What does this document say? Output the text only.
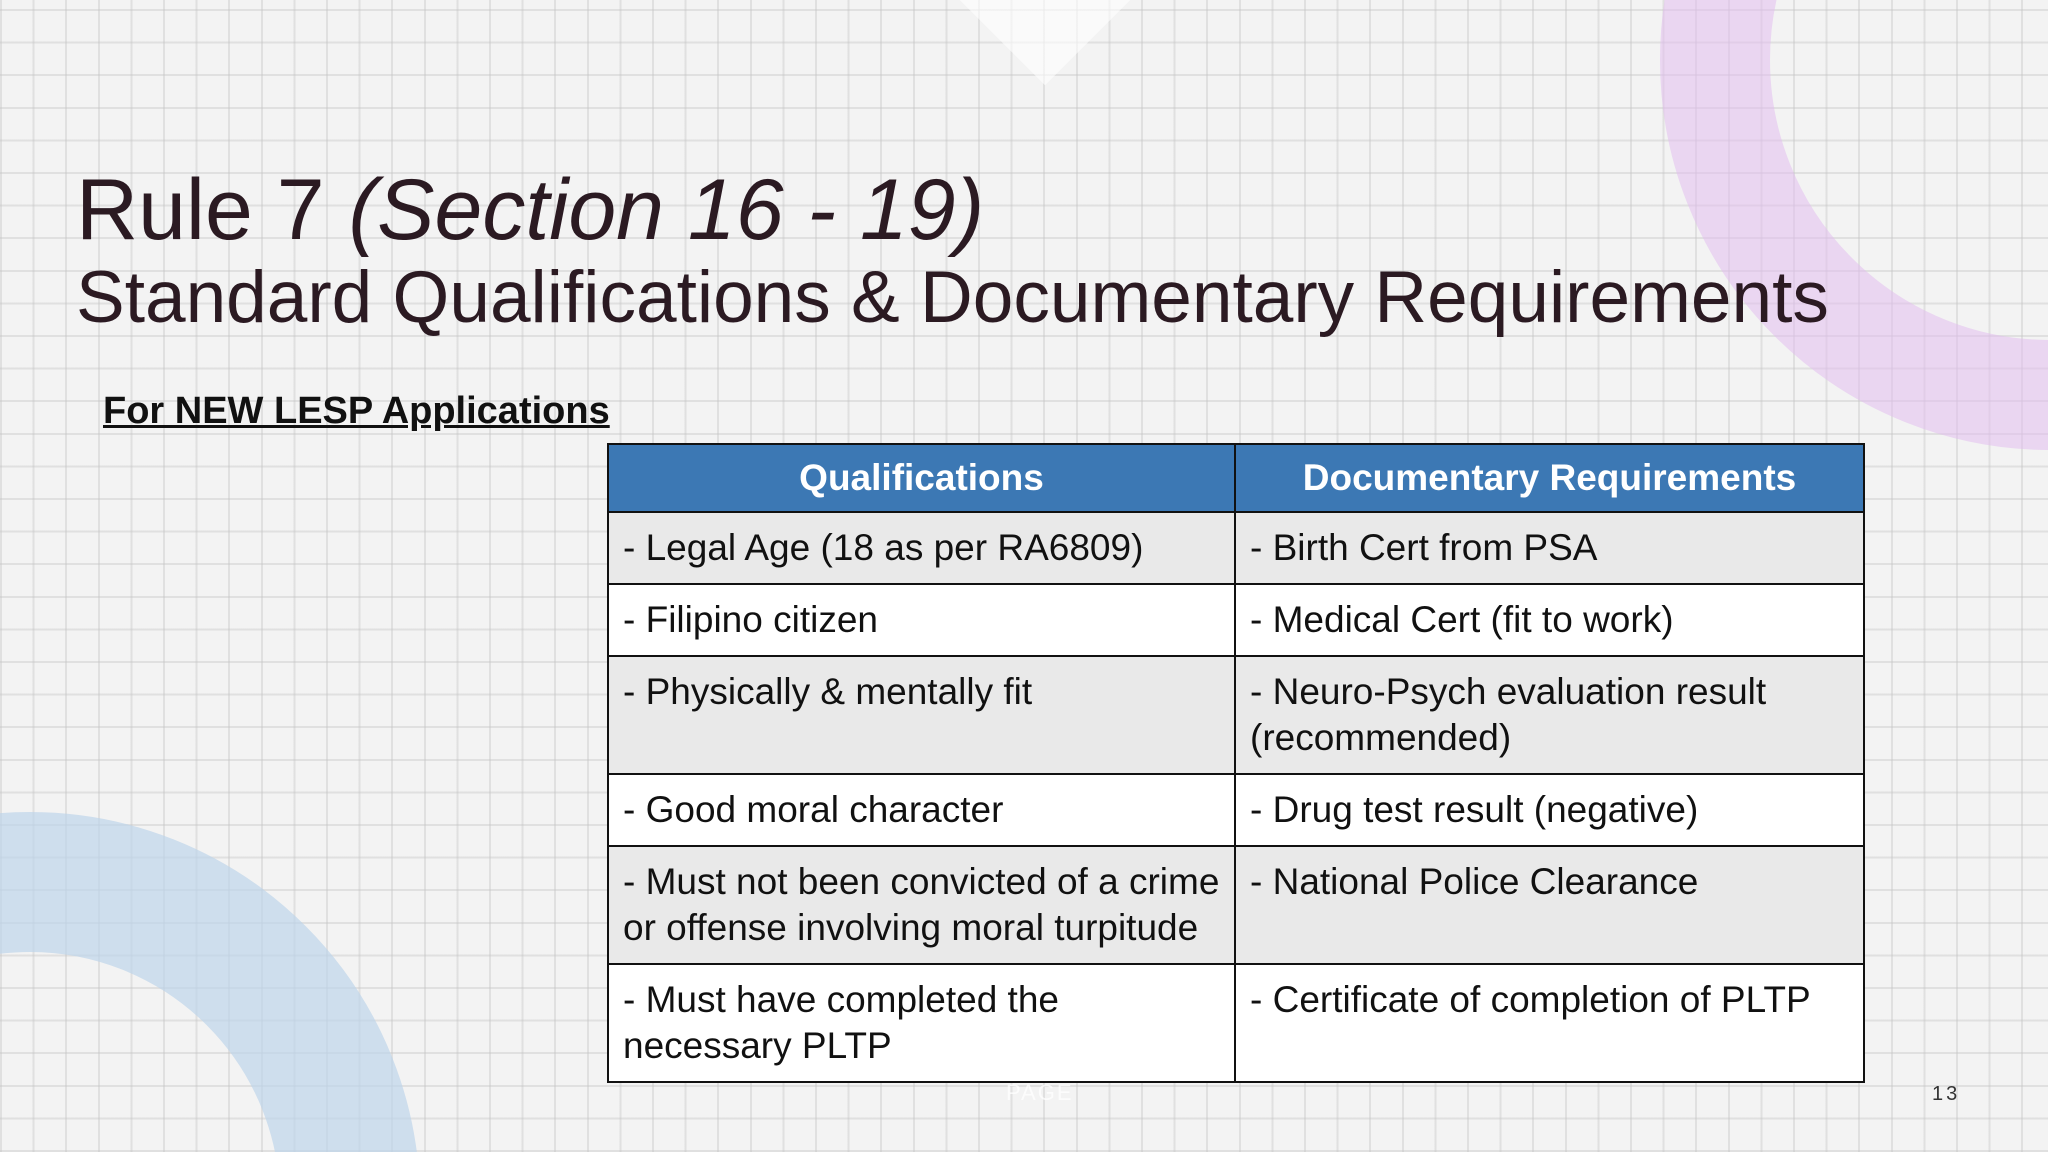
Rule 7 (Section 16 - 19)
Standard Qualifications & Documentary Requirements
For NEW LESP Applications
Qualifications	Documentary Requirements
- Legal Age (18 as per RA6809)	- Birth Cert from PSA
- Filipino citizen	- Medical Cert (fit to work)
- Physically & mentally fit	- Neuro-Psych evaluation result (recommended)
- Good moral character	- Drug test result (negative)
- Must not been convicted of a crime or offense involving moral turpitude	- National Police Clearance
- Must have completed the necessary PLTP	- Certificate of completion of PLTP
PAGE	13
